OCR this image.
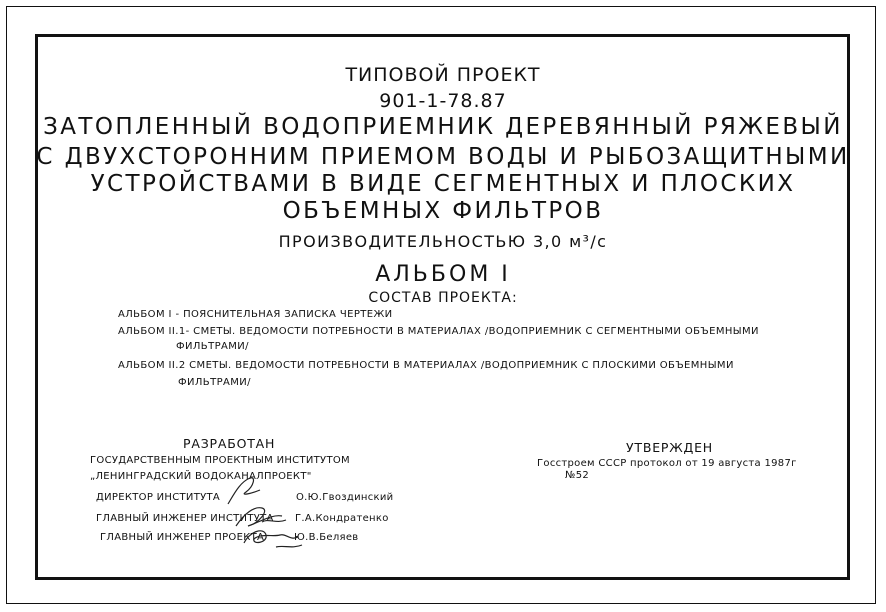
ТИПОВОЙ ПРОЕКТ
901-1-78.87
ЗАТОПЛЕННЫЙ ВОДОПРИЕМНИК ДЕРЕВЯННЫЙ РЯЖЕВЫЙ
С ДВУХСТОРОННИМ ПРИЕМОМ ВОДЫ И РЫБОЗАЩИТНЫМИ
УСТРОЙСТВАМИ В ВИДЕ СЕГМЕНТНЫХ И ПЛОСКИХ
ОБЪЕМНЫХ ФИЛЬТРОВ
ПРОИЗВОДИТЕЛЬНОСТЬЮ 3,0 м³/с
АЛЬБОМ I
СОСТАВ ПРОЕКТА:
АЛЬБОМ I - ПОЯСНИТЕЛЬНАЯ ЗАПИСКА ЧЕРТЕЖИ
АЛЬБОМ II.1- СМЕТЫ. ВЕДОМОСТИ ПОТРЕБНОСТИ В МАТЕРИАЛАХ /ВОДОПРИЕМНИК С СЕГМЕНТНЫМИ ОБЪЕМНЫМИ
ФИЛЬТРАМИ/
АЛЬБОМ II.2 СМЕТЫ. ВЕДОМОСТИ ПОТРЕБНОСТИ В МАТЕРИАЛАХ /ВОДОПРИЕМНИК С ПЛОСКИМИ ОБЪЕМНЫМИ
ФИЛЬТРАМИ/
РАЗРАБОТАН
ГОСУДАРСТВЕННЫМ ПРОЕКТНЫМ ИНСТИТУТОМ
„ЛЕНИНГРАДСКИЙ ВОДОКАНАЛПРОЕКТ"
ДИРЕКТОР ИНСТИТУТА	О.Ю.Гвоздинский
ГЛАВНЫЙ ИНЖЕНЕР ИНСТИТУТА Г.А.Кондратенко
ГЛАВНЫЙ ИНЖЕНЕР ПРОЕКТА	Ю.В.Беляев
УТВЕРЖДЕН
Госстроем СССР протокол от 19 августа 1987г
№52
